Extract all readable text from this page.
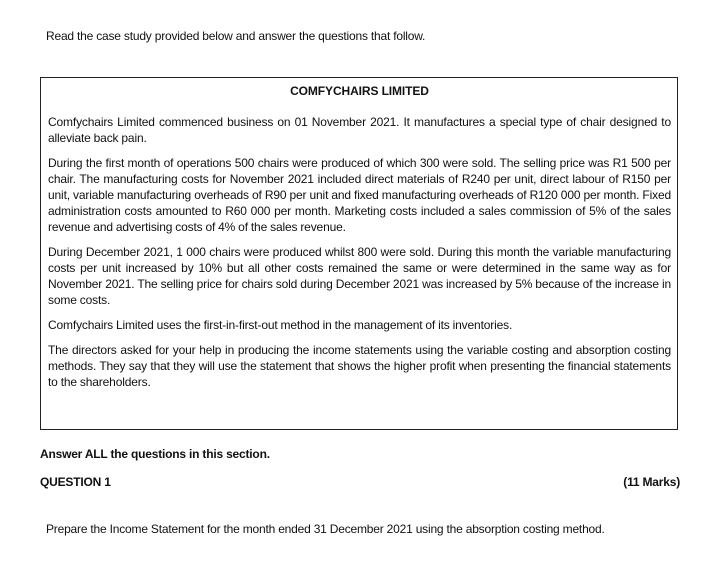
Read the case study provided below and answer the questions that follow.
COMFYCHAIRS LIMITED

Comfychairs Limited commenced business on 01 November 2021. It manufactures a special type of chair designed to alleviate back pain.

During the first month of operations 500 chairs were produced of which 300 were sold. The selling price was R1 500 per chair. The manufacturing costs for November 2021 included direct materials of R240 per unit, direct labour of R150 per unit, variable manufacturing overheads of R90 per unit and fixed manufacturing overheads of R120 000 per month. Fixed administration costs amounted to R60 000 per month. Marketing costs included a sales commission of 5% of the sales revenue and advertising costs of 4% of the sales revenue.

During December 2021, 1 000 chairs were produced whilst 800 were sold. During this month the variable manufacturing costs per unit increased by 10% but all other costs remained the same or were determined in the same way as for November 2021. The selling price for chairs sold during December 2021 was increased by 5% because of the increase in some costs.

Comfychairs Limited uses the first-in-first-out method in the management of its inventories.

The directors asked for your help in producing the income statements using the variable costing and absorption costing methods. They say that they will use the statement that shows the higher profit when presenting the financial statements to the shareholders.

Answer ALL the questions in this section.
QUESTION 1	(11 Marks)
Prepare the Income Statement for the month ended 31 December 2021 using the absorption costing method.
